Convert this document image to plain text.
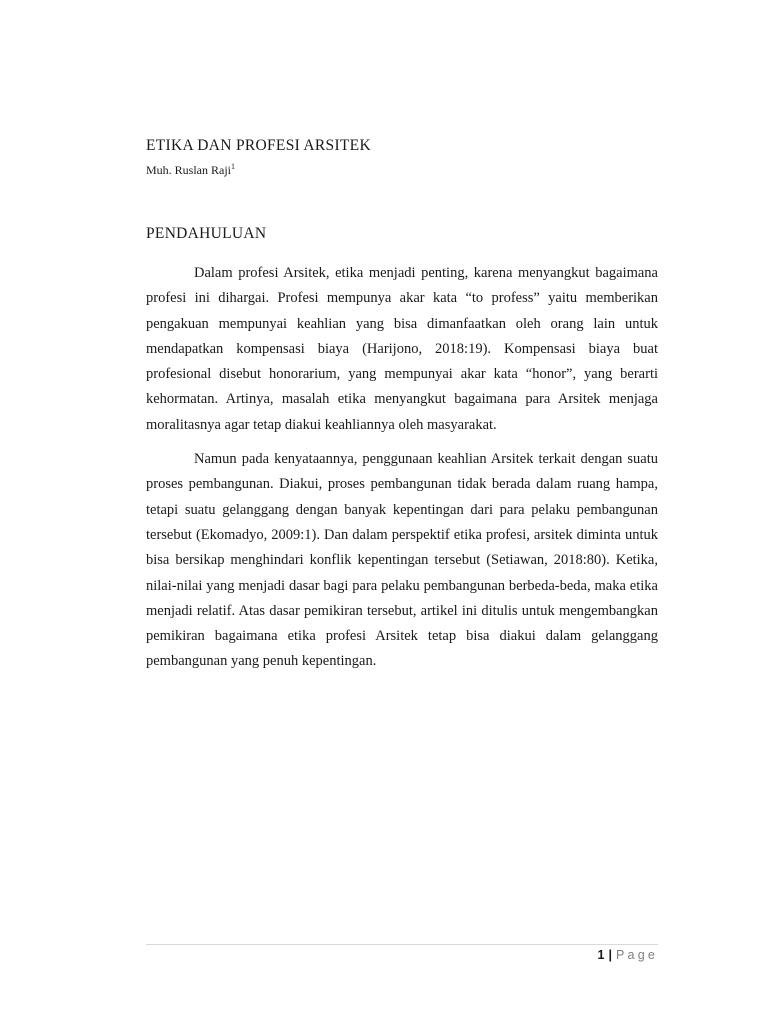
ETIKA DAN PROFESI ARSITEK

Muh. Ruslan Raji$^1$

PENDAHULUAN

Dalam profesi Arsitek, etika menjadi penting, karena menyangkut bagaimana profesi ini dihargai. Profesi mempunya akar kata “to profess” yaitu memberikan pengakuan mempunyai keahlian yang bisa dimanfaatkan oleh orang lain untuk mendapatkan kompensasi biaya (Harijono, 2018:19). Kompensasi biaya buat profesional disebut honorarium, yang mempunyai akar kata “honor”, yang berarti kehormatan. Artinya, masalah etika menyangkut bagaimana para Arsitek menjaga moralitasnya agar tetap diakui keahliannya oleh masyarakat.

Namun pada kenyataannya, penggunaan keahlian Arsitek terkait dengan suatu proses pembangunan. Diakui, proses pembangunan tidak berada dalam ruang hampa, tetapi suatu gelanggang dengan banyak kepentingan dari para pelaku pembangunan tersebut (Ekomadyo, 2009:1). Dan dalam perspektif etika profesi, arsitek diminta untuk bisa bersikap menghindari konflik kepentingan tersebut (Setiawan, 2018:80). Ketika, nilai-nilai yang menjadi dasar bagi para pelaku pembangunan berbeda-beda, maka etika menjadi relatif. Atas dasar pemikiran tersebut, artikel ini ditulis untuk mengembangkan pemikiran bagaimana etika profesi Arsitek tetap bisa diakui dalam gelanggang pembangunan yang penuh kepentingan.

1 | Page
